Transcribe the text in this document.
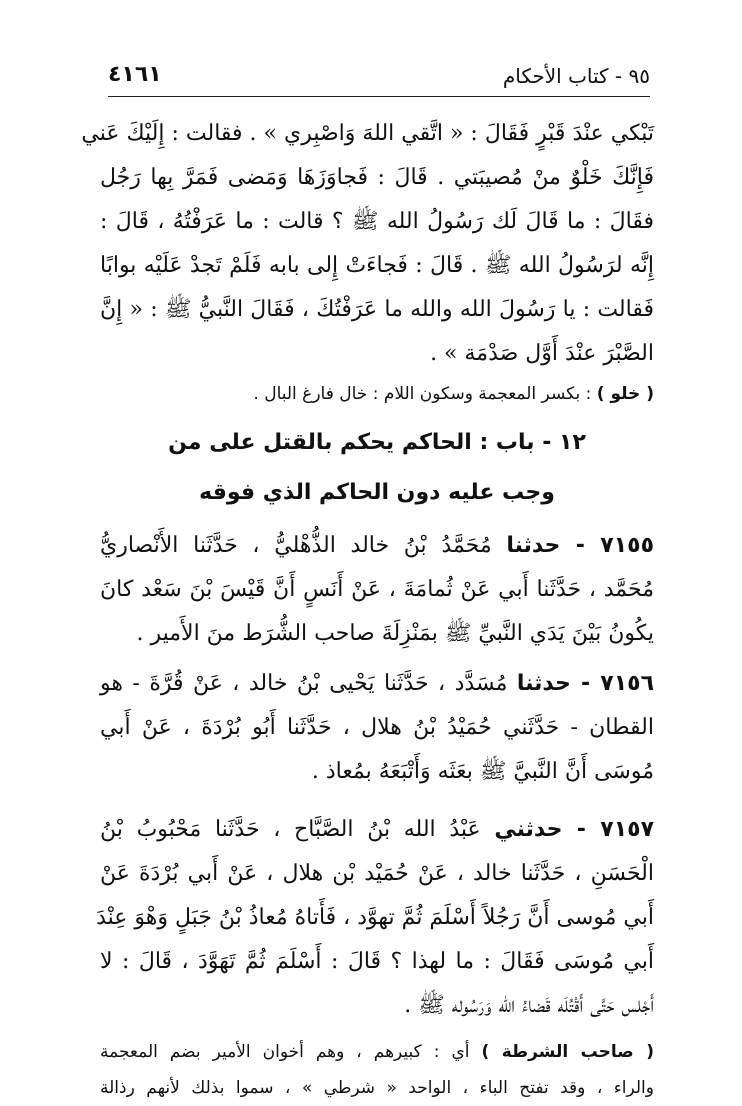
٩٥ - كتاب الأحكام
٤١٦١
تَبْكي عنْدَ قَبْرٍ فَقَالَ : « اتَّقي اللهَ وَاصْبِري » . فقالت : إِلَيْكَ عَني
فَإِنَّكَ خَلْوٌ منْ مُصيبَتي . قَالَ : فَجاوَزَهَا وَمَضى فَمَرَّ بِها رَجُل
فقَالَ : ما قَالَ لَك رَسُولُ الله ﷺ ؟ قالت : ما عَرَفْتُهُ ، قَالَ :
إِنَّه لرَسُولُ الله ﷺ . قَالَ : فَجاءَتْ إِلى بابه فَلَمْ تَجدْ عَلَيْه بوابًا
فَقالت : يا رَسُولَ الله والله ما عَرَفْتُكَ ، فَقَالَ النَّبيُّ ﷺ : « إِنَّ
الصَّبْرَ عنْدَ أَوَّل صَدْمَة » .
( خلو ) : بكسر المعجمة وسكون اللام : خال فارغ البال .
١٢ - باب : الحاكم يحكم بالقتل على من
وجب عليه دون الحاكم الذي فوقه
٧١٥٥ - حدثنا مُحَمَّدُ بْنُ خالد الذُّهْليُّ ، حَدَّثَنا الأَنْصاريُّ
مُحَمَّد ، حَدَّثَنا أَبي عَنْ ثُمامَةَ ، عَنْ أَنَسٍ أَنَّ قَيْسَ بْنَ سَعْد كانَ
يكُونُ بَيْنَ يَدَي النَّبيِّ ﷺ بمَنْزِلَةَ صاحب الشُّرَط منَ الأَمير .
٧١٥٦ - حدثنا مُسَدَّد ، حَدَّثَنا يَحْيى بْنُ خالد ، عَنْ قُرَّةَ - هو
القطان - حَدَّثَني حُمَيْدُ بْنُ هلال ، حَدَّثَنا أَبُو بُرْدَةَ ، عَنْ أَبي
مُوسَى أَنَّ النَّبيَّ ﷺ بعَثَه وَأَتْبَعَهُ بمُعاذ .
٧١٥٧ - حدثني عَبْدُ الله بْنُ الصَّبَّاح ، حَدَّثَنا مَحْبُوبُ بْنُ
الْحَسَنِ ، حَدَّثَنا خالد ، عَنْ حُمَيْد بْن هلال ، عَنْ أَبي بُرْدَةَ عَنْ
أَبي مُوسى أَنَّ رَجُلاً أَسْلَمَ ثُمَّ تهوَّد ، فَأَتاهُ مُعاذُ بْنُ جَبَلٍ وَهْوَ عِنْدَ
أَبي مُوسَى فَقَالَ : ما لهذا ؟ قَالَ : أَسْلَمَ ثُمَّ تَهَوَّدَ ، قَالَ : لا
أَجْلس حَتَّى أَقْتُلَه قَضاءُ الله وَرَسُوله ﷺ .
( صاحب الشرطة ) أي : كبيرهم ، وهم أخوان الأمير بضم المعجمة
والراء ، وقد تفتح الباء ، الواحد « شرطي » ، سموا بذلك لأنهم رذالة
